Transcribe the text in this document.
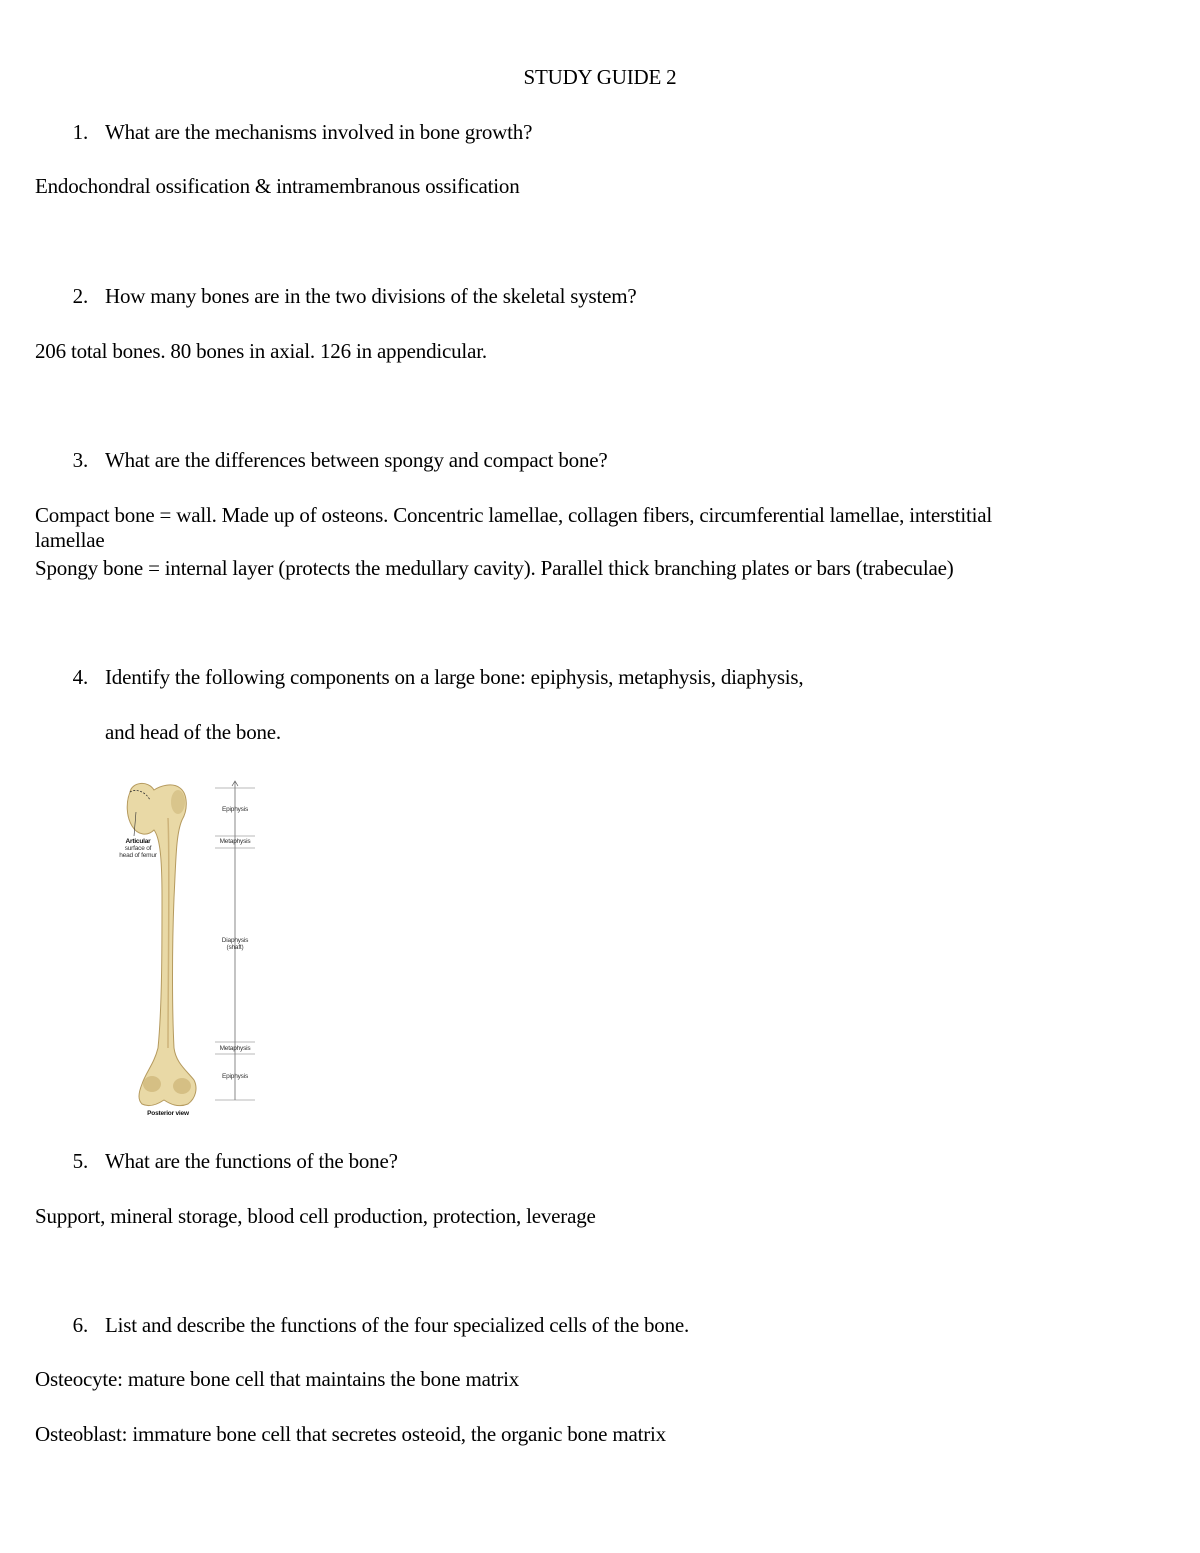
STUDY GUIDE 2
1. What are the mechanisms involved in bone growth?
Endochondral ossification & intramembranous ossification
2. How many bones are in the two divisions of the skeletal system?
206 total bones. 80 bones in axial. 126 in appendicular.
3. What are the differences between spongy and compact bone?
Compact bone = wall. Made up of osteons. Concentric lamellae, collagen fibers, circumferential lamellae, interstitial
lamellae
Spongy bone = internal layer (protects the medullary cavity). Parallel thick branching plates or bars (trabeculae)
4. Identify the following components on a large bone: epiphysis, metaphysis, diaphysis,
and head of the bone.
Articular
surface of
head of femur
Epiphysis
Metaphysis
Diaphysis
(shaft)
Metaphysis
Epiphysis
Posterior view
5. What are the functions of the bone?
Support, mineral storage, blood cell production, protection, leverage
6. List and describe the functions of the four specialized cells of the bone.
Osteocyte: mature bone cell that maintains the bone matrix
Osteoblast: immature bone cell that secretes osteoid, the organic bone matrix
